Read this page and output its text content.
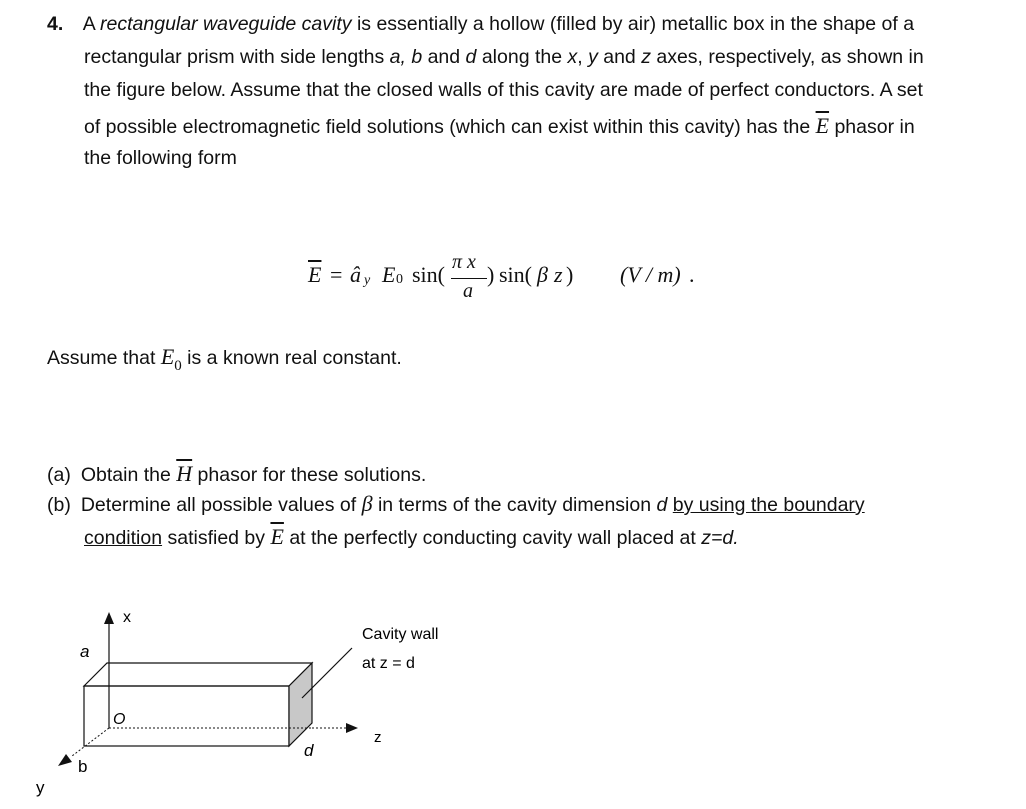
4. A rectangular waveguide cavity is essentially a hollow (filled by air) metallic box in the shape of a
rectangular prism with side lengths a, b and d along the x, y and z axes, respectively, as shown in
the figure below. Assume that the closed walls of this cavity are made of perfect conductors. A set
of possible electromagnetic field solutions (which can exist within this cavity) has the $\overline{E}$ phasor in
the following form
$\overline{E}$ = â y E 0 sin( π x
a
) sin( β z ) (V / m) .
Assume that $E_0$ is a known real constant.
(a) Obtain the $\overline{H}$ phasor for these solutions.
(b) Determine all possible values of β in terms of the cavity dimension d by using the boundary
condition satisfied by $\overline{E}$ at the perfectly conducting cavity wall placed at z=d.
x
a
O
b
y
z
d
Cavity wall
at z = d
